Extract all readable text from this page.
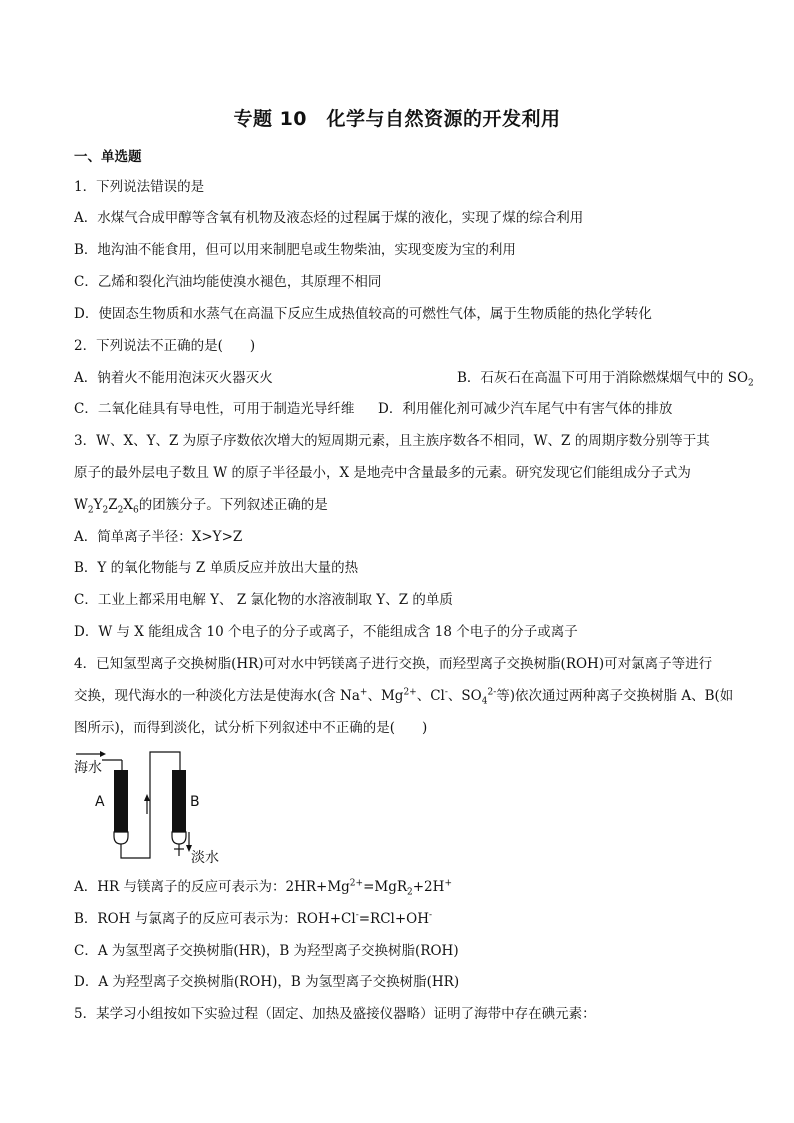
专题 10　化学与自然资源的开发利用
一、单选题
1．下列说法错误的是
A．水煤气合成甲醇等含氧有机物及液态烃的过程属于煤的液化，实现了煤的综合利用
B．地沟油不能食用，但可以用来制肥皂或生物柴油，实现变废为宝的利用
C．乙烯和裂化汽油均能使溴水褪色，其原理不相同
D．使固态生物质和水蒸气在高温下反应生成热值较高的可燃性气体，属于生物质能的热化学转化
2．下列说法不正确的是(　　)
A．钠着火不能用泡沫灭火器灭火	B．石灰石在高温下可用于消除燃煤烟气中的 $SO_2$
C．二氧化硅具有导电性，可用于制造光导纤维 D．利用催化剂可减少汽车尾气中有害气体的排放
3．W、X、Y、Z 为原子序数依次增大的短周期元素，且主族序数各不相同，W、Z 的周期序数分别等于其
原子的最外层电子数且 W 的原子半径最小，X 是地壳中含量最多的元素。研究发现它们能组成分子式为
$W_2Y_2Z_2X_6$的团簇分子。下列叙述正确的是
A．简单离子半径：X>Y>Z
B．Y 的氧化物能与 Z 单质反应并放出大量的热
C．工业上都采用电解 Y、 Z 氯化物的水溶液制取 Y、Z 的单质
D．W 与 X 能组成含 10 个电子的分子或离子，不能组成含 18 个电子的分子或离子
4．已知氢型离子交换树脂(HR)可对水中钙镁离子进行交换，而羟型离子交换树脂(ROH)可对氯离子等进行
交换，现代海水的一种淡化方法是使海水(含 Na+、$Mg^{2+}$、Cl-、$SO_4^{2-}$等)依次通过两种离子交换树脂 A、B(如
图所示)，而得到淡化，试分析下列叙述中不正确的是(　　)
海水
A	B
淡水
A．HR 与镁离子的反应可表示为：$2HR+Mg^{2+}=MgR_2+2H^+$
B．ROH 与氯离子的反应可表示为：ROH+Cl-=RCl+OH-
C．A 为氢型离子交换树脂(HR)，B 为羟型离子交换树脂(ROH)
D．A 为羟型离子交换树脂(ROH)，B 为氢型离子交换树脂(HR)
5．某学习小组按如下实验过程（固定、加热及盛接仪器略）证明了海带中存在碘元素：
